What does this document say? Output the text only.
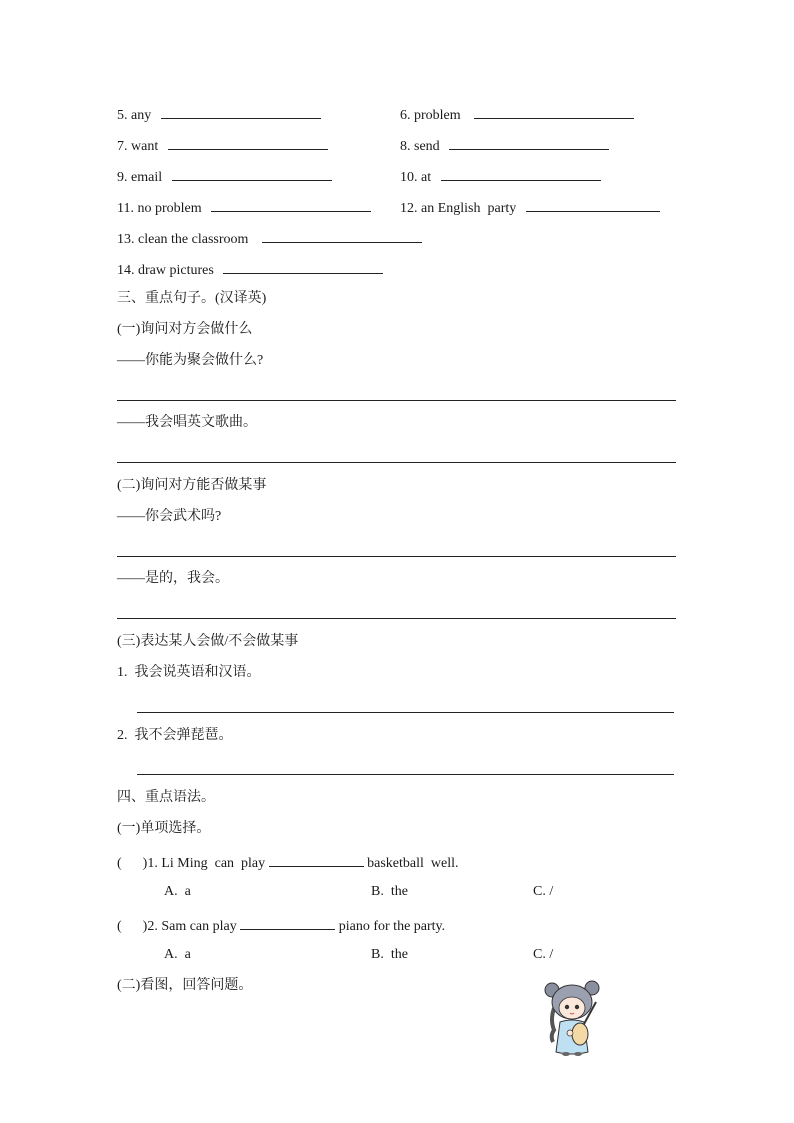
5. any	6. problem
7. want	8. send
9. email	10. at
11. no problem	12. an English  party
13. clean the classroom
14. draw pictures
三、重点句子。(汉译英)
(一)询问对方会做什么
——你能为聚会做什么?
——我会唱英文歌曲。
(二)询问对方能否做某事
——你会武术吗?
——是的，我会。
(三)表达某人会做/不会做某事
1.  我会说英语和汉语。
2.  我不会弹琵琶。
四、重点语法。
(一)单项选择。
(      )1. Li Ming  can  play	basketball  well.
A.  a	B.  the	C. /
(      )2. Sam can play	piano for the party.
A.  a	B.  the	C. /
(二)看图，回答问题。
